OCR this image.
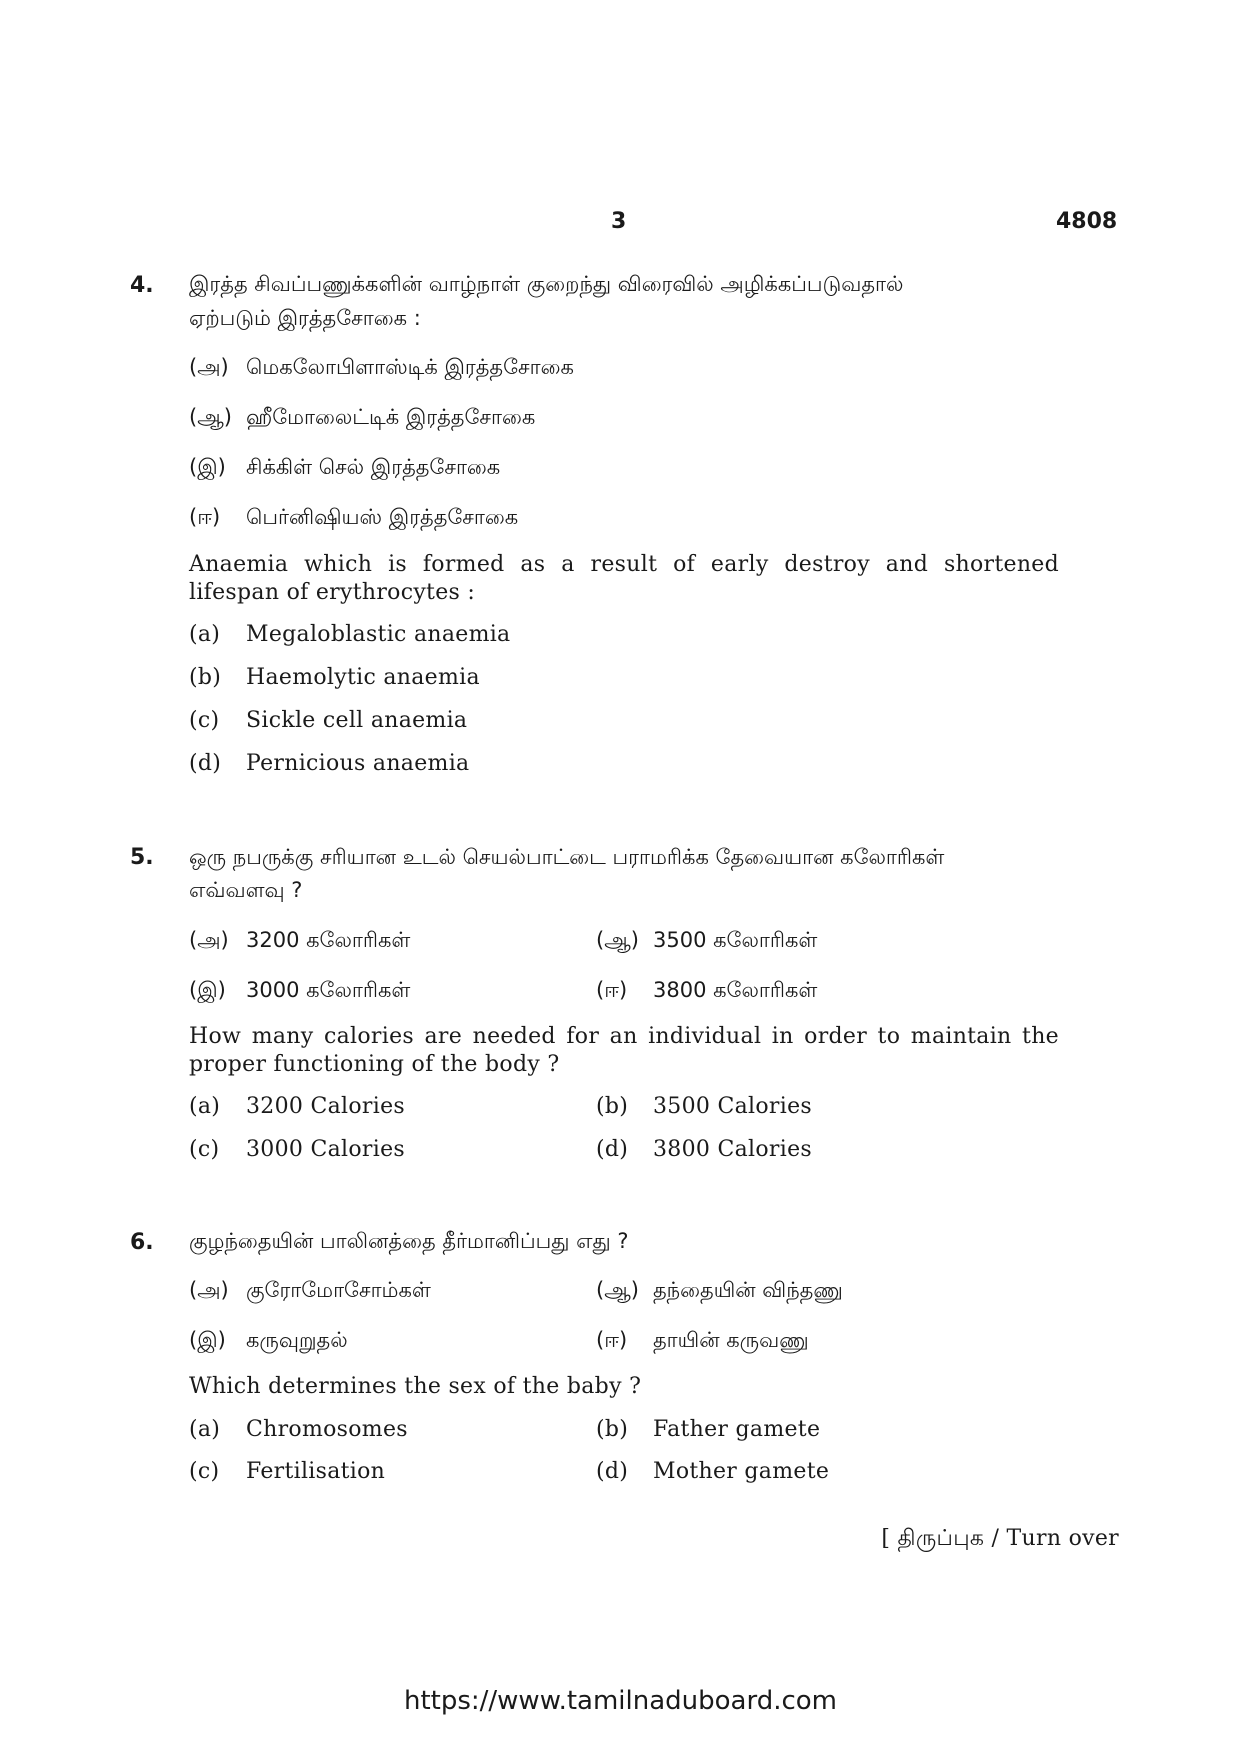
3	4808
4. இரத்த சிவப்பணுக்களின் வாழ்நாள் குறைந்து விரைவில் அழிக்கப்படுவதால்
ஏற்படும் இரத்தசோகை :
(அ) மெகலோபிளாஸ்டிக் இரத்தசோகை
(ஆ) ஹீமோலைட்டிக் இரத்தசோகை
(இ) சிக்கிள் செல் இரத்தசோகை
(ஈ) பெர்னிஷியஸ் இரத்தசோகை
Anaemia which is formed as a result of early destroy and shortened lifespan of erythrocytes :
(a) Megaloblastic anaemia
(b) Haemolytic anaemia
(c) Sickle cell anaemia
(d) Pernicious anaemia
5. ஒரு நபருக்கு சரியான உடல் செயல்பாட்டை பராமரிக்க தேவையான கலோரிகள்
எவ்வளவு ?
(அ) 3200 கலோரிகள்	(ஆ) 3500 கலோரிகள்
(இ) 3000 கலோரிகள்	(ஈ) 3800 கலோரிகள்
How many calories are needed for an individual in order to maintain the proper functioning of the body ?
(a) 3200 Calories	(b) 3500 Calories
(c) 3000 Calories	(d) 3800 Calories
6. குழந்தையின் பாலினத்தை தீர்மானிப்பது எது ?
(அ) குரோமோசோம்கள்	(ஆ) தந்தையின் விந்தணு
(இ) கருவுறுதல்	(ஈ) தாயின் கருவணு
Which determines the sex of the baby ?
(a) Chromosomes	(b) Father gamete
(c) Fertilisation	(d) Mother gamete
[ திருப்புக / Turn over
https://www.tamilnaduboard.com
